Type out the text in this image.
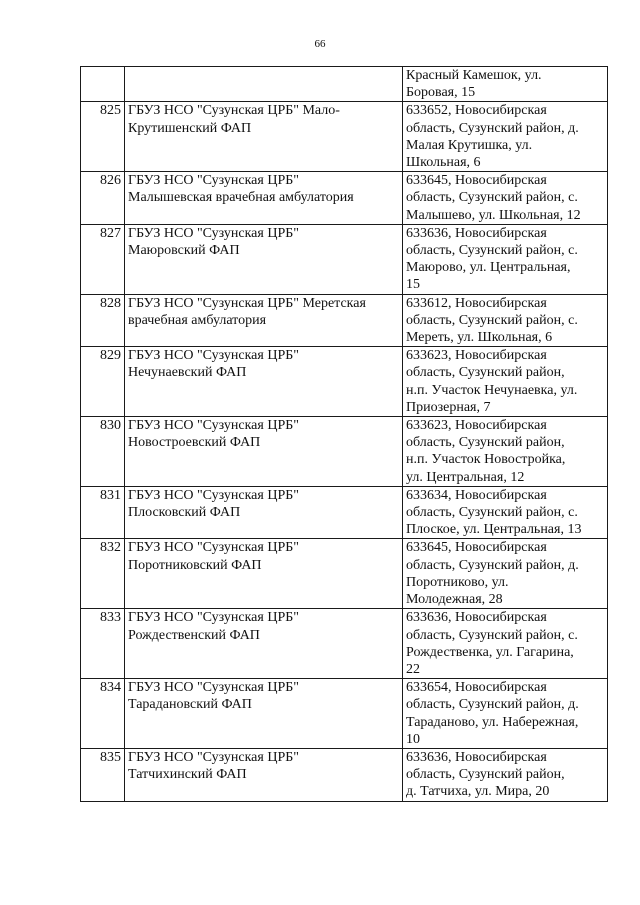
66

		Красный Камешок, ул.
Боровая, 15

825	ГБУЗ НСО "Сузунская ЦРБ" Мало-
Крутишенский ФАП	633652, Новосибирская
область, Сузунский район, д.
Малая Крутишка, ул.
Школьная, 6

826	ГБУЗ НСО "Сузунская ЦРБ"
Малышевская врачебная амбулатория	633645, Новосибирская
область, Сузунский район, с.
Малышево, ул. Школьная, 12

827	ГБУЗ НСО "Сузунская ЦРБ"
Маюровский ФАП	633636, Новосибирская
область, Сузунский район, с.
Маюрово, ул. Центральная,
15

828	ГБУЗ НСО "Сузунская ЦРБ" Меретская
врачебная амбулатория	633612, Новосибирская
область, Сузунский район, с.
Мереть, ул. Школьная, 6

829	ГБУЗ НСО "Сузунская ЦРБ"
Нечунаевский ФАП	633623, Новосибирская
область, Сузунский район,
н.п. Участок Нечунаевка, ул.
Приозерная, 7

830	ГБУЗ НСО "Сузунская ЦРБ"
Новостроевский ФАП	633623, Новосибирская
область, Сузунский район,
н.п. Участок Новостройка,
ул. Центральная, 12

831	ГБУЗ НСО "Сузунская ЦРБ"
Плосковский ФАП	633634, Новосибирская
область, Сузунский район, с.
Плоское, ул. Центральная, 13

832	ГБУЗ НСО "Сузунская ЦРБ"
Поротниковский ФАП	633645, Новосибирская
область, Сузунский район, д.
Поротниково, ул.
Молодежная, 28

833	ГБУЗ НСО "Сузунская ЦРБ"
Рождественский ФАП	633636, Новосибирская
область, Сузунский район, с.
Рождественка, ул. Гагарина,
22

834	ГБУЗ НСО "Сузунская ЦРБ"
Тарадановский ФАП	633654, Новосибирская
область, Сузунский район, д.
Тараданово, ул. Набережная,
10

835	ГБУЗ НСО "Сузунская ЦРБ"
Татчихинский ФАП	633636, Новосибирская
область, Сузунский район,
д. Татчиха, ул. Мира, 20
